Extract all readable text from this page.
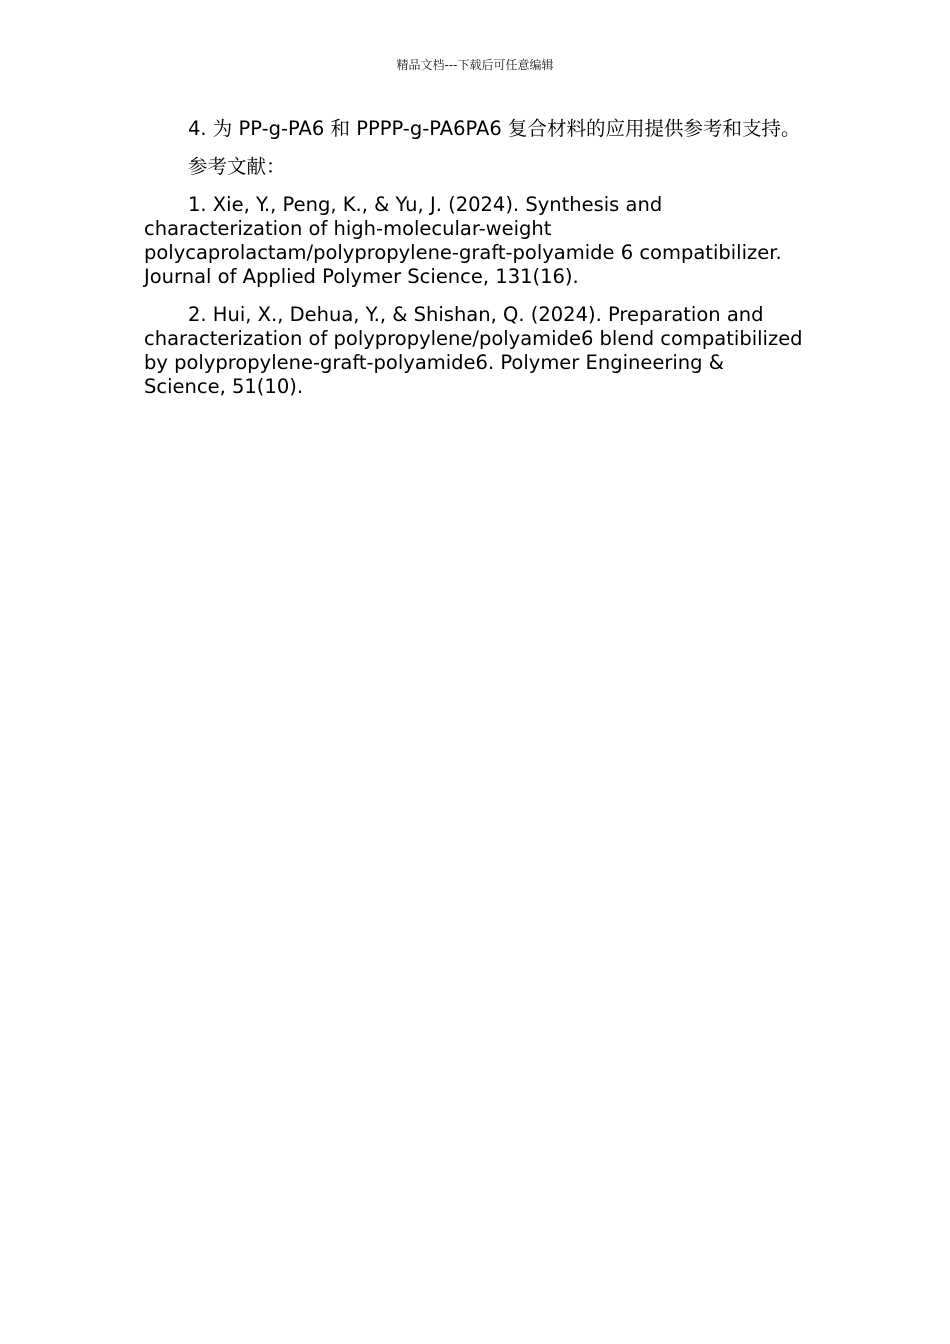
精品文档---下载后可任意编辑

4. 为 PP-g-PA6 和 PPPP-g-PA6PA6 复合材料的应用提供参考和支持。

参考文献：

1. Xie, Y., Peng, K., & Yu, J. (2024). Synthesis and characterization of high-molecular-weight polycaprolactam/polypropylene-graft-polyamide 6 compatibilizer. Journal of Applied Polymer Science, 131(16).

2. Hui, X., Dehua, Y., & Shishan, Q. (2024). Preparation and characterization of polypropylene/polyamide6 blend compatibilized by polypropylene-graft-polyamide6. Polymer Engineering & Science, 51(10).
